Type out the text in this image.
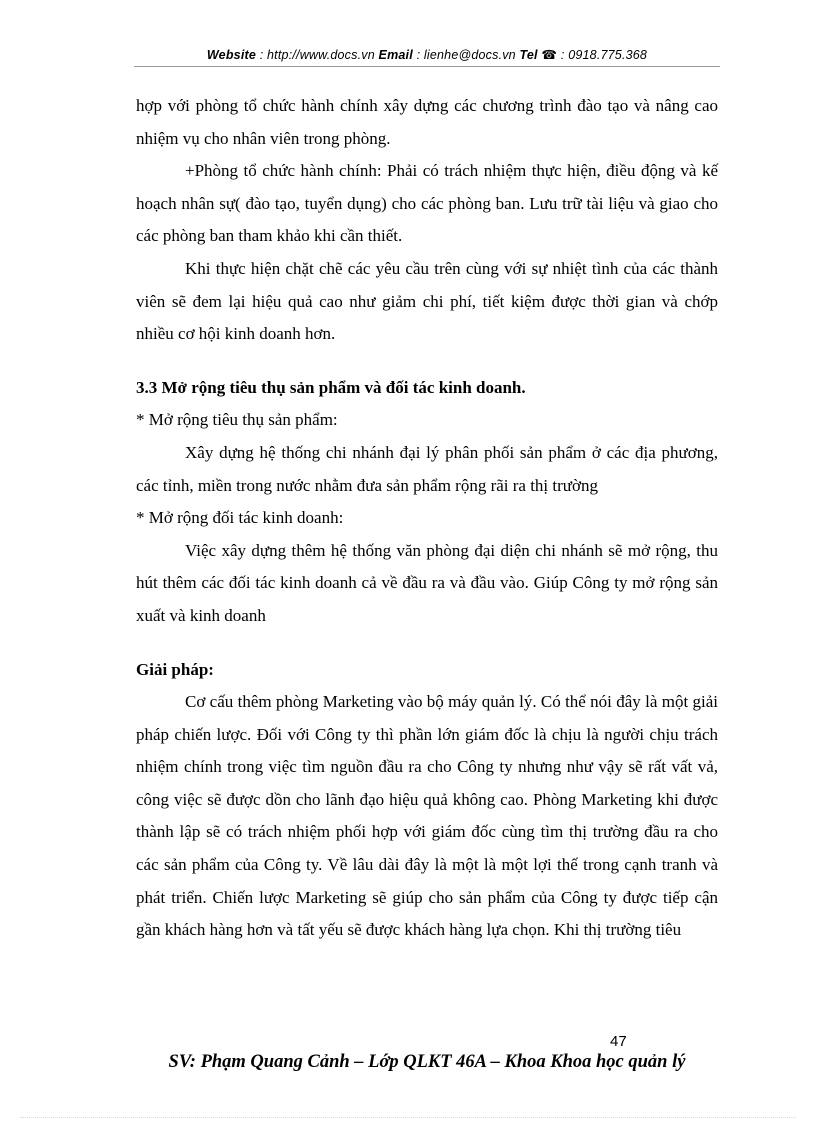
Website : http://www.docs.vn Email : lienhe@docs.vn Tel ☎ : 0918.775.368

hợp với phòng tổ chức hành chính xây dựng các chương trình đào tạo và nâng cao nhiệm vụ cho nhân viên trong phòng.

+Phòng tổ chức hành chính: Phải có trách nhiệm thực hiện, điều động và kế hoạch nhân sự( đào tạo, tuyển dụng) cho các phòng ban. Lưu trữ tài liệu và giao cho các phòng ban tham khảo khi cần thiết.

Khi thực hiện chặt chẽ các yêu cầu trên cùng với sự nhiệt tình của các thành viên sẽ đem lại hiệu quả cao như giảm chi phí, tiết kiệm được thời gian và chớp nhiều cơ hội kinh doanh hơn.

3.3 Mở rộng tiêu thụ sản phẩm và đối tác kinh doanh.

* Mở rộng tiêu thụ sản phẩm:

Xây dựng hệ thống chi nhánh đại lý phân phối sản phẩm ở các địa phương, các tỉnh, miền trong nước nhằm đưa sản phẩm rộng rãi ra thị trường

* Mở rộng đối tác kinh doanh:

Việc xây dựng thêm hệ thống văn phòng đại diện chi nhánh sẽ mở rộng, thu hút thêm các đối tác kinh doanh cả về đầu ra và đầu vào. Giúp Công ty mở rộng sản xuất và kinh doanh

Giải pháp:

Cơ cấu thêm phòng Marketing vào bộ máy quản lý. Có thể nói đây là một giải pháp chiến lược. Đối với Công ty thì phần lớn giám đốc là chịu là người chịu trách nhiệm chính trong việc tìm nguồn đầu ra cho Công ty nhưng như vậy sẽ rất vất vả, công việc sẽ được dồn cho lãnh đạo hiệu quả không cao. Phòng Marketing khi được thành lập sẽ có trách nhiệm phối hợp với giám đốc cùng tìm thị trường đầu ra cho các sản phẩm của Công ty. Về lâu dài đây là một là một lợi thế trong cạnh tranh và phát triển. Chiến lược Marketing sẽ giúp cho sản phẩm của Công ty được tiếp cận gần khách hàng hơn và tất yếu sẽ được khách hàng lựa chọn. Khi thị trường tiêu

47
SV: Phạm Quang Cảnh – Lớp QLKT 46A – Khoa Khoa học quản lý
